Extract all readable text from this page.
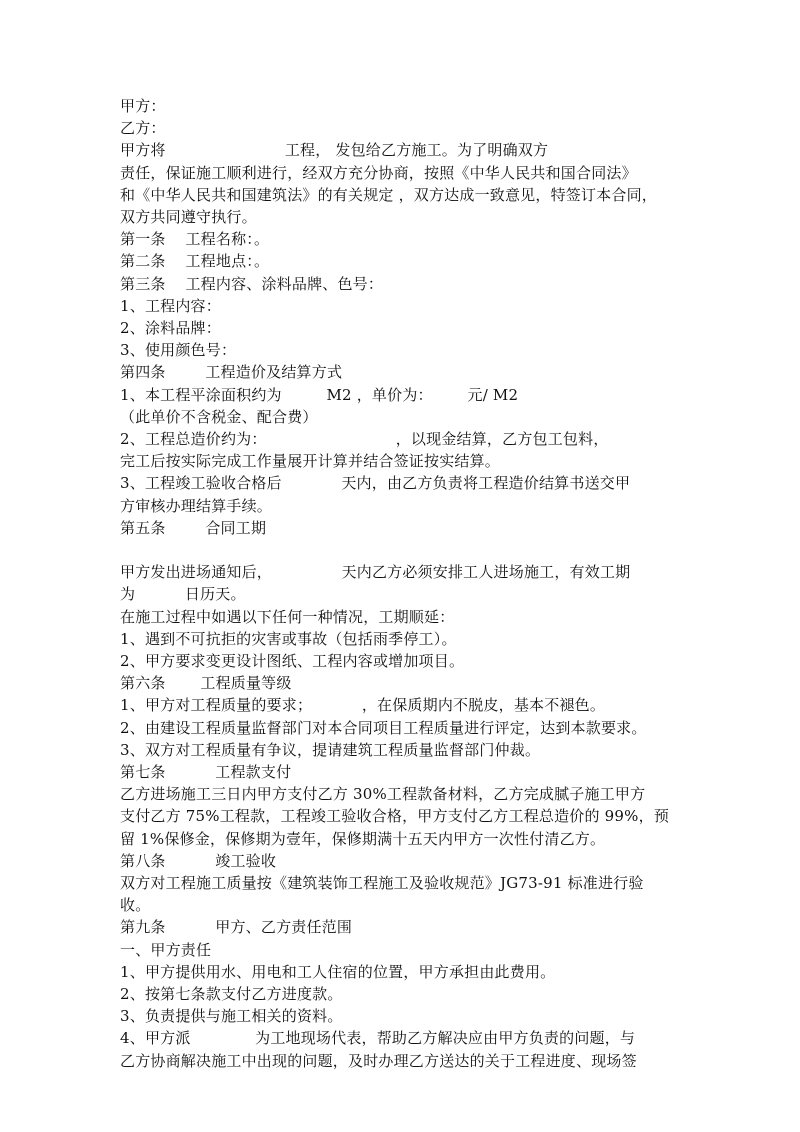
甲方：
乙方：
甲方将                        工程， 发包给乙方施工。为了明确双方
责任，保证施工顺利进行，经双方充分协商，按照《中华人民共和国合同法》
和《中华人民共和国建筑法》的有关规定 ，双方达成一致意见，特签订本合同，
双方共同遵守执行。
第一条    工程名称：。
第二条    工程地点：。
第三条    工程内容、涂料品牌、色号：
1、工程内容：
2、涂料品牌：
3、使用颜色号：
第四条        工程造价及结算方式
1、本工程平涂面积约为         M2 ，单价为：       元/ M2
（此单价不含税金、配合费）
2、工程总造价约为：                          ，以现金结算，乙方包工包料，
完工后按实际完成工作量展开计算并结合签证按实结算。
3、工程竣工验收合格后            天内，由乙方负责将工程造价结算书送交甲
方审核办理结算手续。
第五条        合同工期
甲方发出进场通知后，              天内乙方必须安排工人进场施工，有效工期
为          日历天。
在施工过程中如遇以下任何一种情况，工期顺延：
1、遇到不可抗拒的灾害或事故（包括雨季停工）。
2、甲方要求变更设计图纸、工程内容或增加项目。
第六条       工程质量等级
1、甲方对工程质量的要求；          ，在保质期内不脱皮，基本不褪色。
2、由建设工程质量监督部门对本合同项目工程质量进行评定，达到本款要求。
3、双方对工程质量有争议，提请建筑工程质量监督部门仲裁。
第七条          工程款支付
乙方进场施工三日内甲方支付乙方 30%工程款备材料，乙方完成腻子施工甲方
支付乙方 75%工程款，工程竣工验收合格，甲方支付乙方工程总造价的 99%，预
留 1%保修金，保修期为壹年，保修期满十五天内甲方一次性付清乙方。
第八条          竣工验收
双方对工程施工质量按《建筑装饰工程施工及验收规范》JG73-91 标准进行验
收。
第九条          甲方、乙方责任范围
一、甲方责任
1、甲方提供用水、用电和工人住宿的位置，甲方承担由此费用。
2、按第七条款支付乙方进度款。
3、负责提供与施工相关的资料。
4、甲方派             为工地现场代表，帮助乙方解决应由甲方负责的问题，与
乙方协商解决施工中出现的问题，及时办理乙方送达的关于工程进度、现场签
